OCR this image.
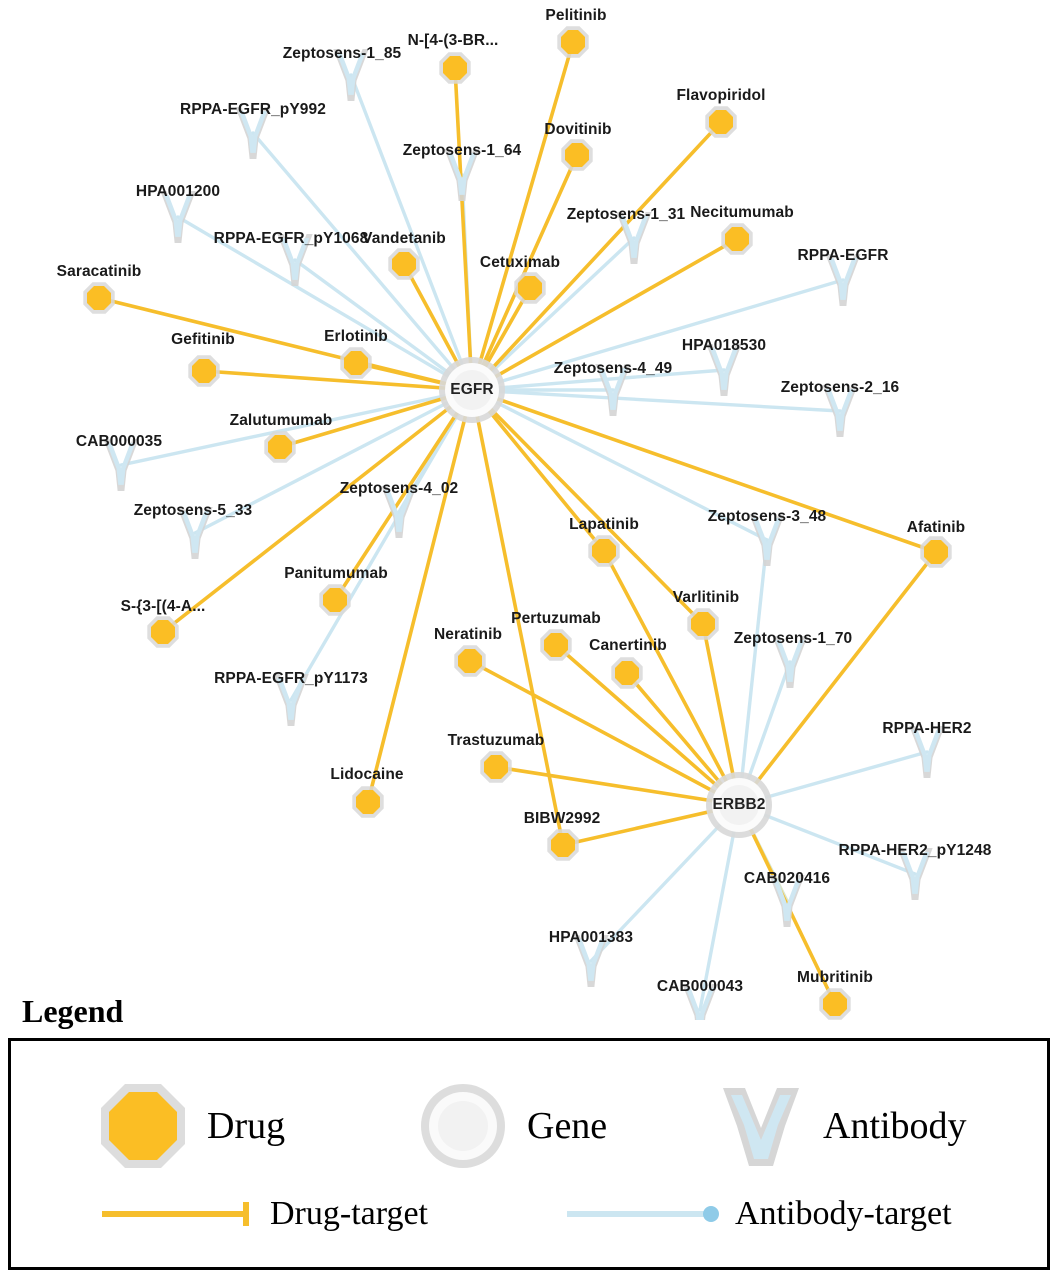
Pelitinib
N-[4-(3-BR...
Flavopiridol
Dovitinib
Necitumumab
Vandetanib
Cetuximab
Saracatinib
Erlotinib
Gefitinib
Zalutumumab
Afatinib
Lapatinib
Varlitinib
Panitumumab
S-{3-[(4-A...
Pertuzumab
Canertinib
Neratinib
Trastuzumab
Lidocaine
BIBW2992
Mubritinib
Zeptosens-1_85
RPPA-EGFR_pY992
Zeptosens-1_64
HPA001200
Zeptosens-1_31
RPPA-EGFR_pY1068
RPPA-EGFR
HPA018530
Zeptosens-4_49
Zeptosens-2_16
CAB000035
Zeptosens-4_02
Zeptosens-5_33	Zeptosens-3_48
Zeptosens-1_70
RPPA-EGFR_pY1173
RPPA-HER2
RPPA-HER2_pY1248
CAB020416
HPA001383
CAB000043
EGFR
ERBB2
Legend
Drug	Gene	Antibody
Drug-target	Antibody-target
